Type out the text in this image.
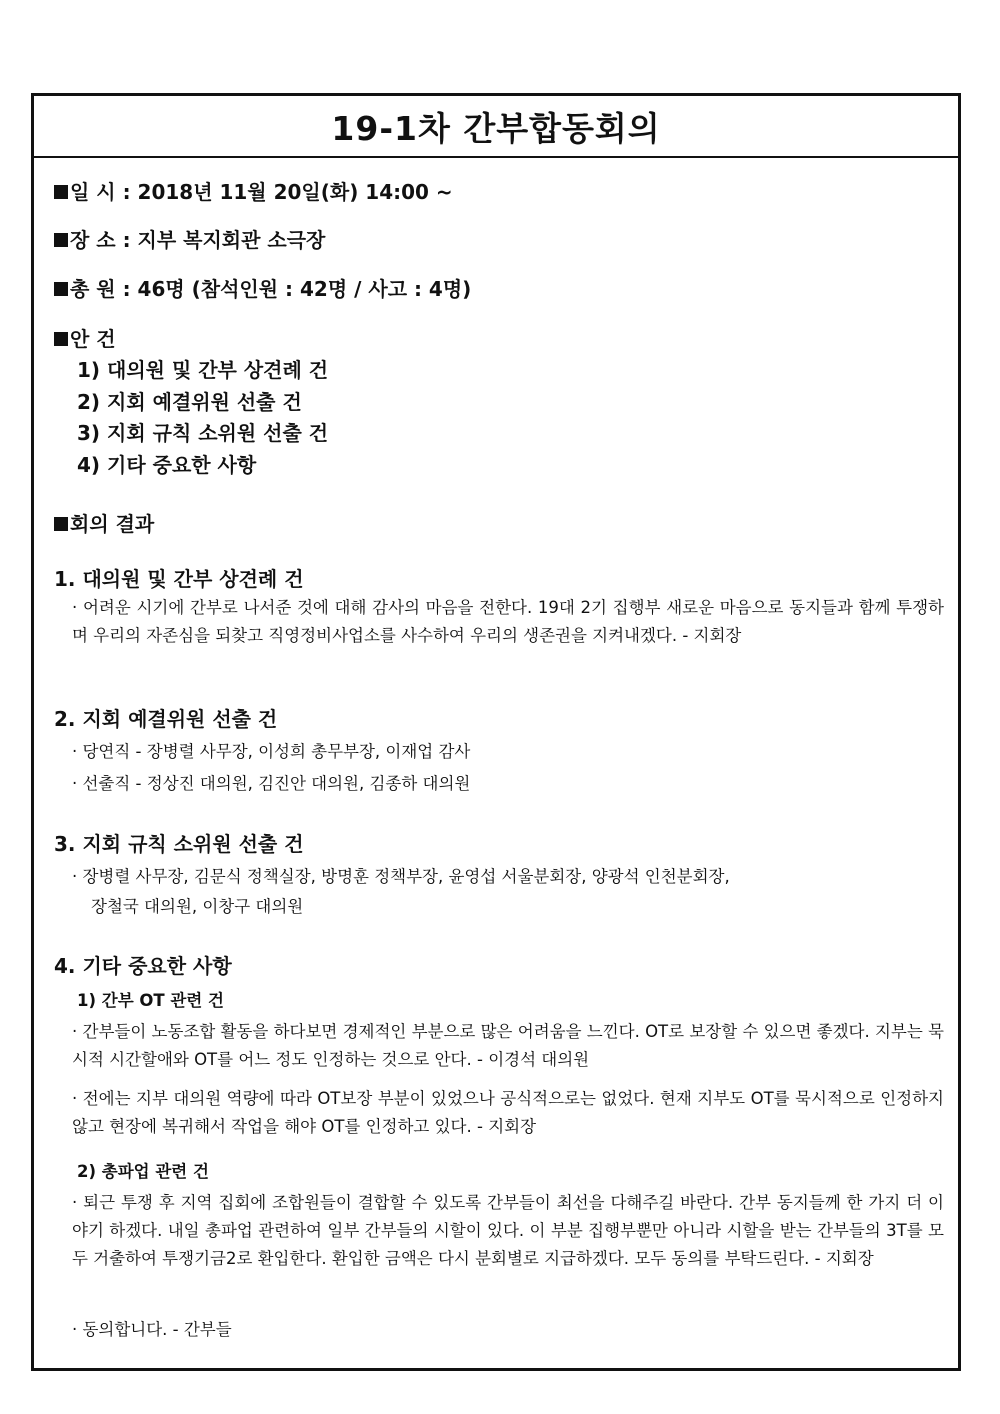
19-1차 간부합동회의
일 시 : 2018년 11월 20일(화) 14:00 ~
장 소 : 지부 복지회관 소극장
총 원 : 46명 (참석인원 : 42명 / 사고 : 4명)
안 건
1) 대의원 및 간부 상견례 건
2) 지회 예결위원 선출 건
3) 지회 규칙 소위원 선출 건
4) 기타 중요한 사항
회의 결과
1. 대의원 및 간부 상견례 건
· 어려운 시기에 간부로 나서준 것에 대해 감사의 마음을 전한다. 19대 2기 집행부 새로운 마음으로 동지들과 함께 투쟁하며 우리의 자존심을 되찾고 직영정비사업소를 사수하여 우리의 생존권을 지켜내겠다. - 지회장
2. 지회 예결위원 선출 건
· 당연직 - 장병렬 사무장, 이성희 총무부장, 이재업 감사
· 선출직 - 정상진 대의원, 김진안 대의원, 김종하 대의원
3. 지회 규칙 소위원 선출 건
· 장병렬 사무장, 김문식 정책실장, 방명훈 정책부장, 윤영섭 서울분회장, 양광석 인천분회장,
장철국 대의원, 이창구 대의원
4. 기타 중요한 사항
1) 간부 OT 관련 건
· 간부들이 노동조합 활동을 하다보면 경제적인 부분으로 많은 어려움을 느낀다. OT로 보장할 수 있으면 좋겠다. 지부는 묵시적 시간할애와 OT를 어느 정도 인정하는 것으로 안다. - 이경석 대의원
· 전에는 지부 대의원 역량에 따라 OT보장 부분이 있었으나 공식적으로는 없었다. 현재 지부도 OT를 묵시적으로 인정하지 않고 현장에 복귀해서 작업을 해야 OT를 인정하고 있다. - 지회장
2) 총파업 관련 건
· 퇴근 투쟁 후 지역 집회에 조합원들이 결합할 수 있도록 간부들이 최선을 다해주길 바란다. 간부 동지들께 한 가지 더 이야기 하겠다. 내일 총파업 관련하여 일부 간부들의 시할이 있다. 이 부분 집행부뿐만 아니라 시할을 받는 간부들의 3T를 모두 거출하여 투쟁기금2로 환입한다. 환입한 금액은 다시 분회별로 지급하겠다. 모두 동의를 부탁드린다. - 지회장
· 동의합니다. - 간부들
